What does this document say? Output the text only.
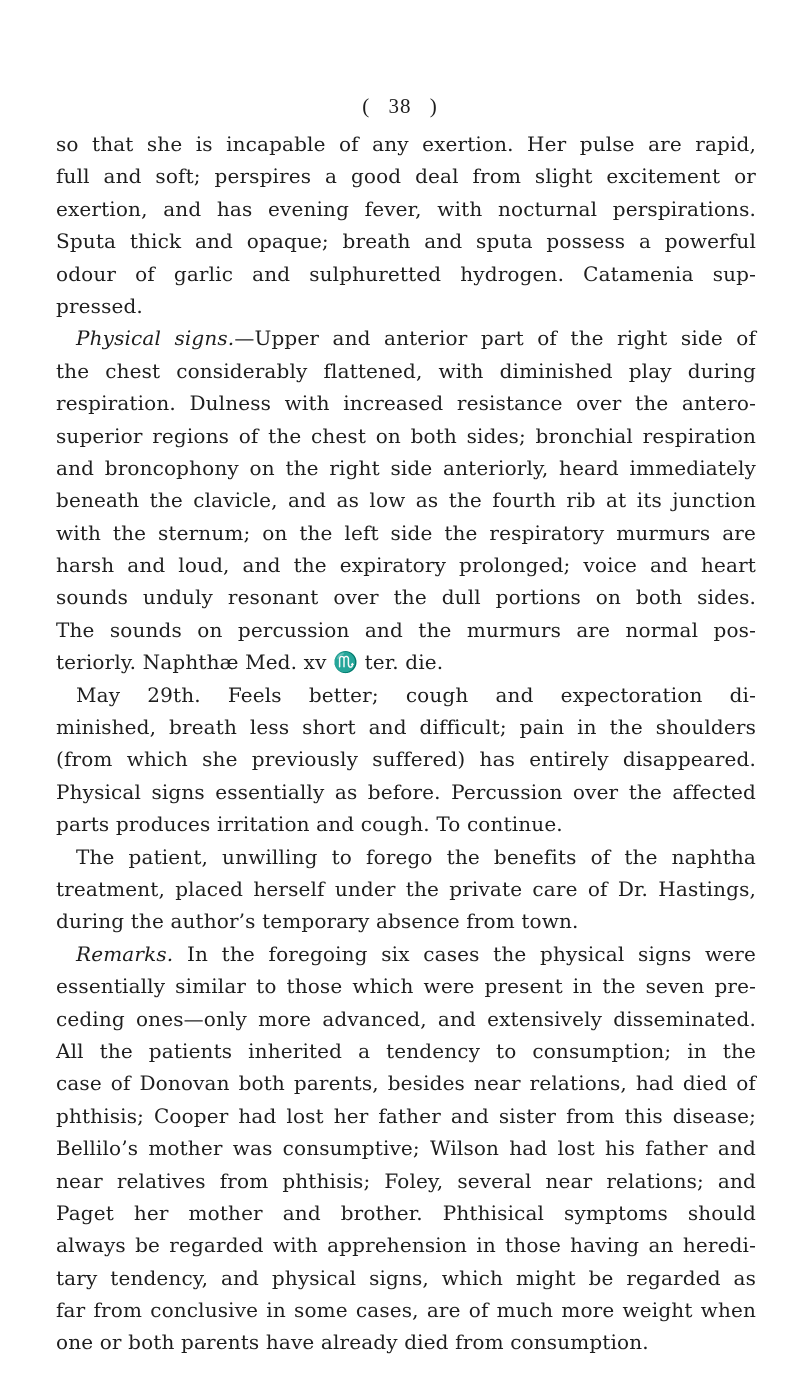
( 38 )
so that she is incapable of any exertion. Her pulse are rapid,
full and soft; perspires a good deal from slight excitement or
exertion, and has evening fever, with nocturnal perspirations.
Sputa thick and opaque; breath and sputa possess a powerful
odour of garlic and sulphuretted hydrogen. Catamenia sup-
pressed.
Physical signs.—Upper and anterior part of the right side of
the chest considerably flattened, with diminished play during
respiration. Dulness with increased resistance over the antero-
superior regions of the chest on both sides; bronchial respiration
and broncophony on the right side anteriorly, heard immediately
beneath the clavicle, and as low as the fourth rib at its junction
with the sternum; on the left side the respiratory murmurs are
harsh and loud, and the expiratory prolonged; voice and heart
sounds unduly resonant over the dull portions on both sides.
The sounds on percussion and the murmurs are normal pos-
teriorly. Naphthæ Med. xv ♏ ter. die.
May 29th. Feels better; cough and expectoration di-
minished, breath less short and difficult; pain in the shoulders
(from which she previously suffered) has entirely disappeared.
Physical signs essentially as before. Percussion over the affected
parts produces irritation and cough. To continue.
The patient, unwilling to forego the benefits of the naphtha
treatment, placed herself under the private care of Dr. Hastings,
during the author’s temporary absence from town.
Remarks. In the foregoing six cases the physical signs were
essentially similar to those which were present in the seven pre-
ceding ones—only more advanced, and extensively disseminated.
All the patients inherited a tendency to consumption; in the
case of Donovan both parents, besides near relations, had died of
phthisis; Cooper had lost her father and sister from this disease;
Bellilo’s mother was consumptive; Wilson had lost his father and
near relatives from phthisis; Foley, several near relations; and
Paget her mother and brother. Phthisical symptoms should
always be regarded with apprehension in those having an heredi-
tary tendency, and physical signs, which might be regarded as
far from conclusive in some cases, are of much more weight when
one or both parents have already died from consumption.
